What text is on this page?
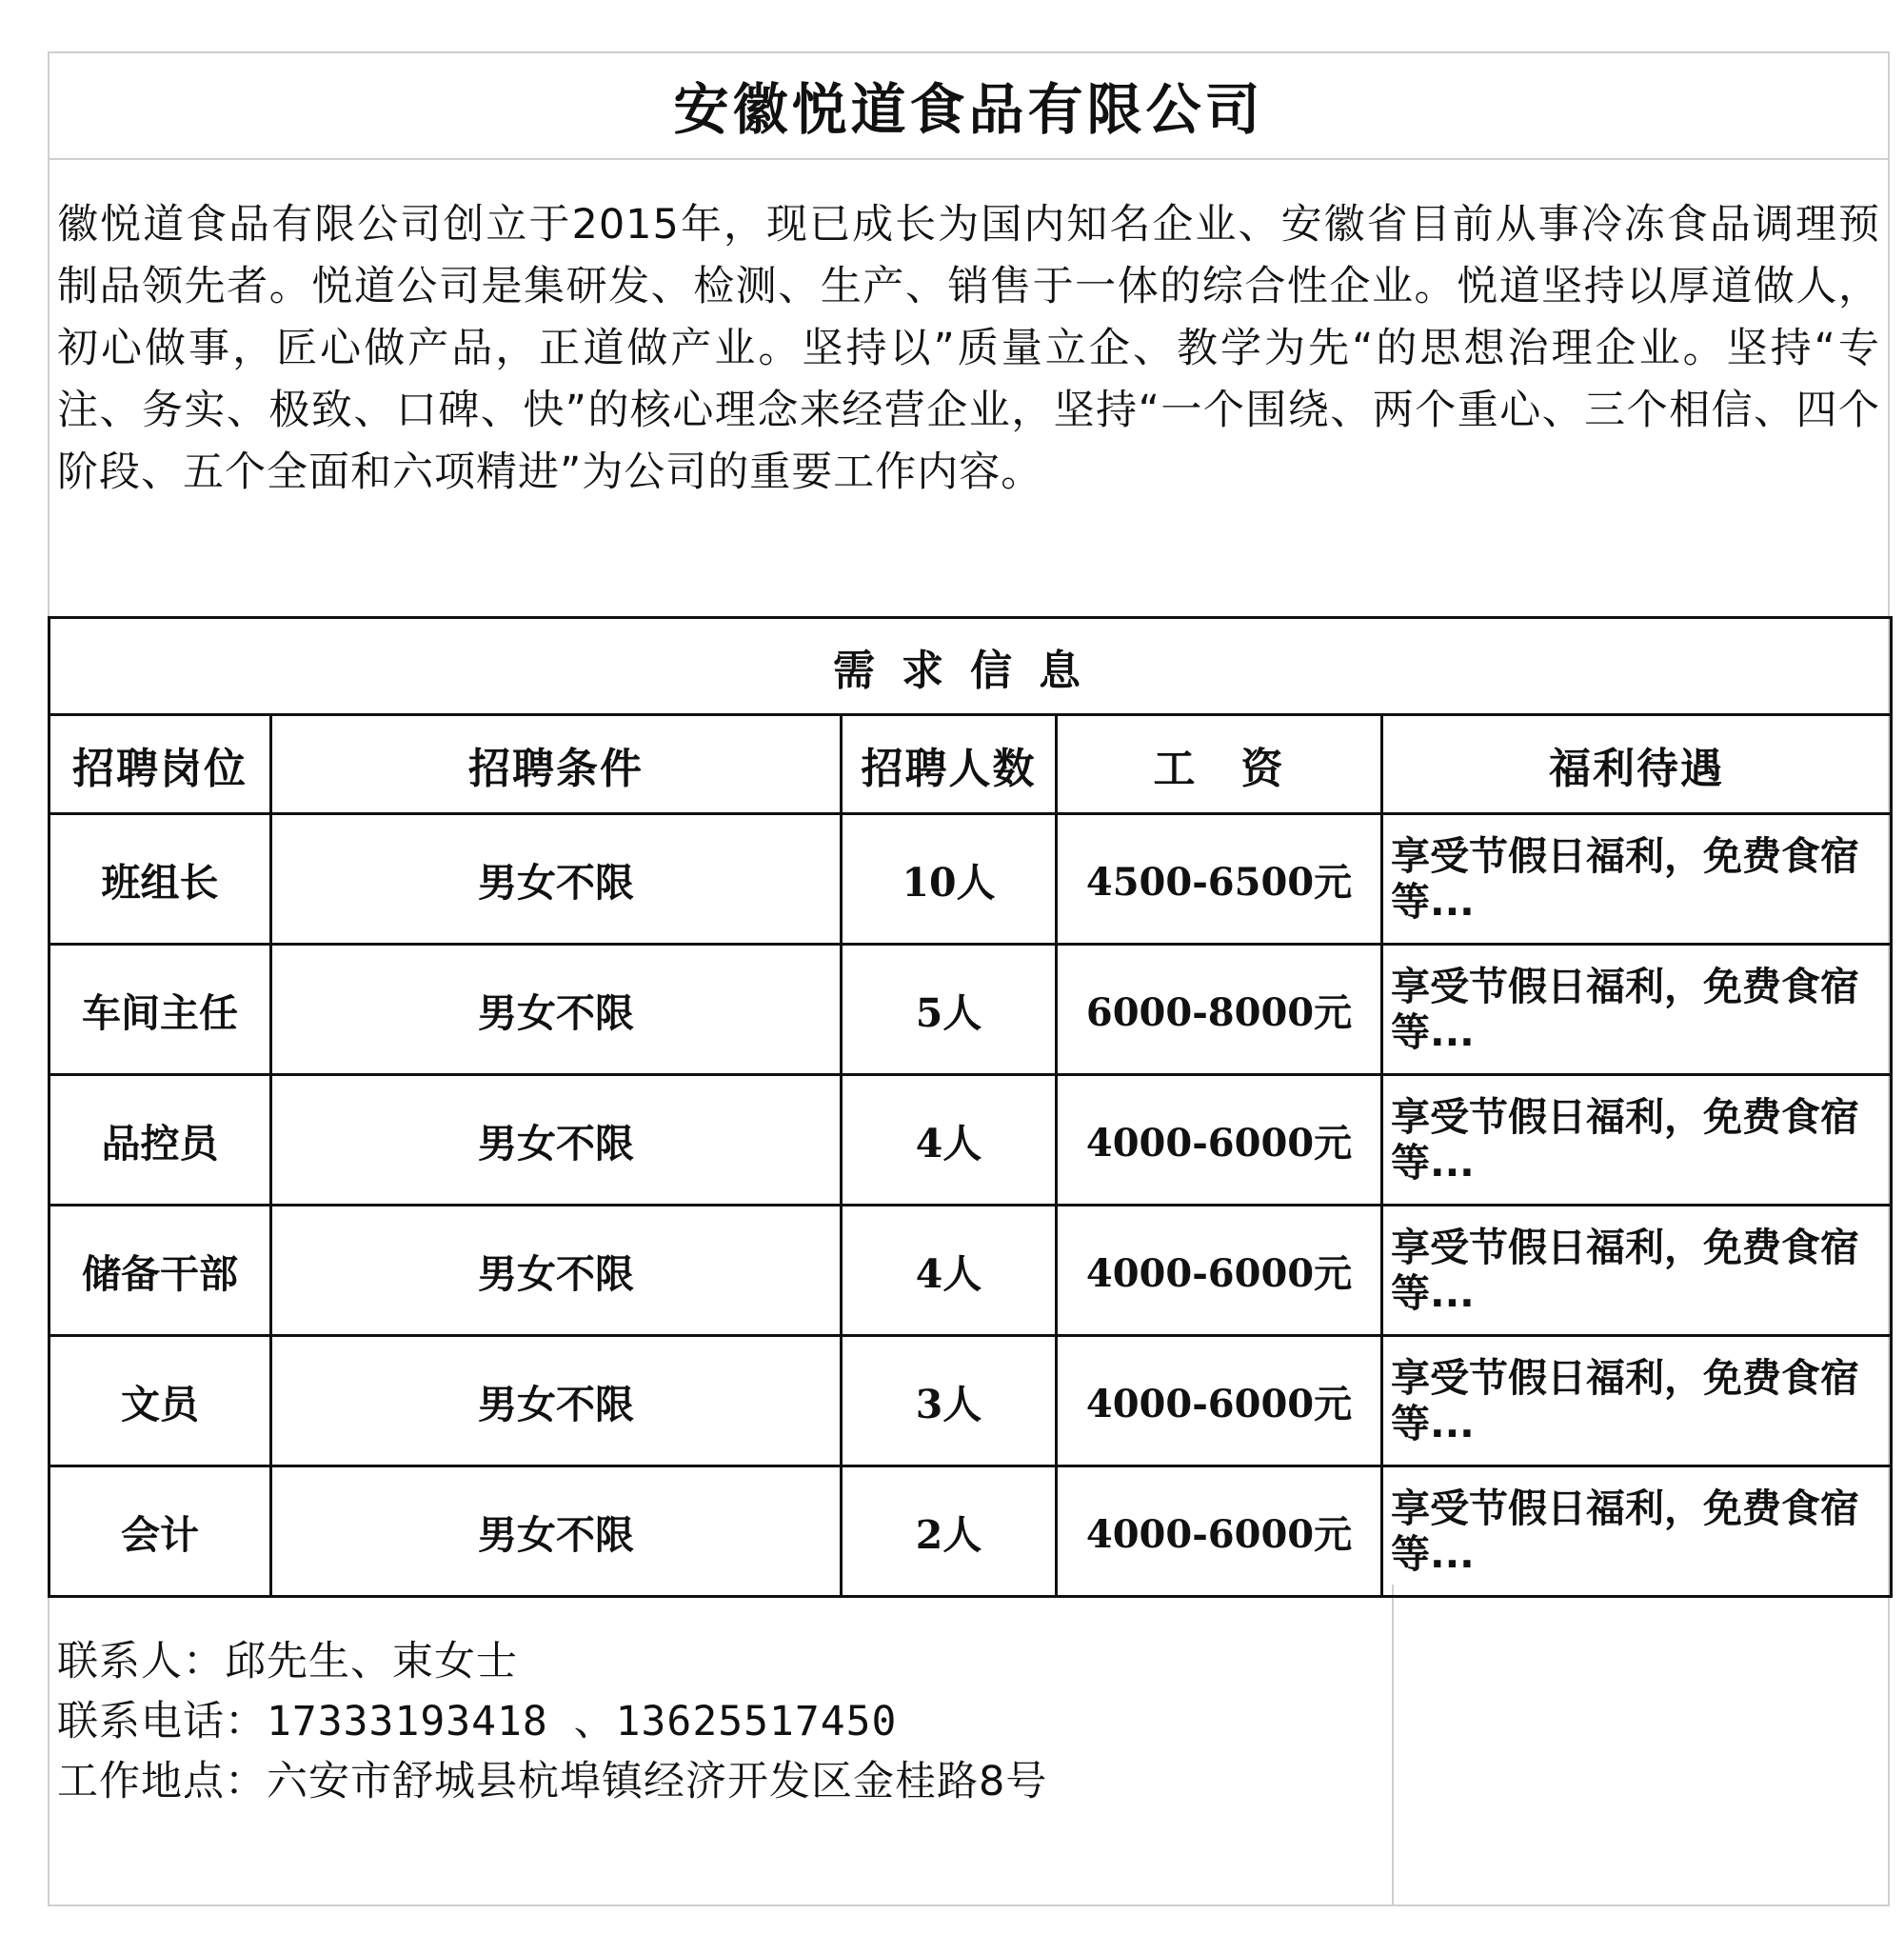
安徽悦道食品有限公司
徽悦道食品有限公司创立于2015年，现已成长为国内知名企业、安徽省目前从事冷冻食品调理预制品领先者。悦道公司是集研发、检测、生产、销售于一体的综合性企业。悦道坚持以厚道做人，初心做事，匠心做产品，正道做产业。坚持以”质量立企、教学为先“的思想治理企业。坚持“专注、务实、极致、口碑、快”的核心理念来经营企业，坚持“一个围绕、两个重心、三个相信、四个阶段、五个全面和六项精进”为公司的重要工作内容。
需求信息				
招聘岗位	招聘条件	招聘人数	工　资	福利待遇
班组长	男女不限	10人	4500-6500元	享受节假日福利，免费食宿等...
车间主任	男女不限	5人	6000-8000元	享受节假日福利，免费食宿等...
品控员	男女不限	4人	4000-6000元	享受节假日福利，免费食宿等...
储备干部	男女不限	4人	4000-6000元	享受节假日福利，免费食宿等...
文员	男女不限	3人	4000-6000元	享受节假日福利，免费食宿等...
会计	男女不限	2人	4000-6000元	享受节假日福利，免费食宿等...
联系人：邱先生、束女士
联系电话：17333193418 、13625517450
工作地点：六安市舒城县杭埠镇经济开发区金桂路8号
